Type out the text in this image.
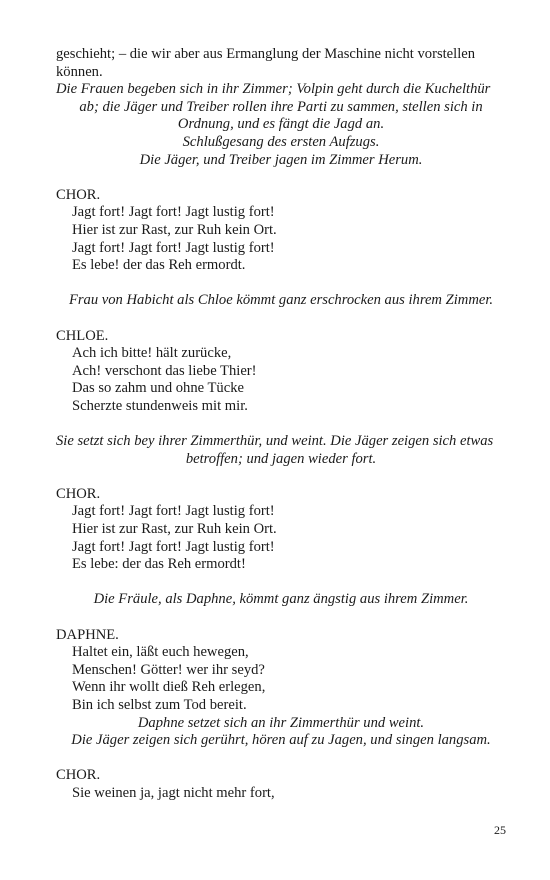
geschieht; – die wir aber aus Ermanglung der Maschine nicht vorstellen

können.

Die Frauen begeben sich in ihr Zimmer; Volpin geht durch die Kuchelthür

ab; die Jäger und Treiber rollen ihre Parti zu sammen, stellen sich in

Ordnung, und es fängt die Jagd an.

Schlußgesang des ersten Aufzugs.

Die Jäger, und Treiber jagen im Zimmer Herum.

CHOR.

Jagt fort! Jagt fort! Jagt lustig fort!

Hier ist zur Rast, zur Ruh kein Ort.

Jagt fort! Jagt fort! Jagt lustig fort!

Es lebe! der das Reh ermordt.

Frau von Habicht als Chloe kömmt ganz erschrocken aus ihrem Zimmer.

CHLOE.

Ach ich bitte! hält zurücke,

Ach! verschont das liebe Thier!

Das so zahm und ohne Tücke

Scherzte stundenweis mit mir.

Sie setzt sich bey ihrer Zimmerthür, und weint. Die Jäger zeigen sich etwas

betroffen; und jagen wieder fort.

CHOR.

Jagt fort! Jagt fort! Jagt lustig fort!

Hier ist zur Rast, zur Ruh kein Ort.

Jagt fort! Jagt fort! Jagt lustig fort!

Es lebe: der das Reh ermordt!

Die Fräule, als Daphne, kömmt ganz ängstig aus ihrem Zimmer.

DAPHNE.

Haltet ein, läßt euch hewegen,

Menschen! Götter! wer ihr seyd?

Wenn ihr wollt dieß Reh erlegen,

Bin ich selbst zum Tod bereit.

Daphne setzet sich an ihr Zimmerthür und weint.

Die Jäger zeigen sich gerührt, hören auf zu Jagen, und singen langsam.

CHOR.

Sie weinen ja, jagt nicht mehr fort,

25
